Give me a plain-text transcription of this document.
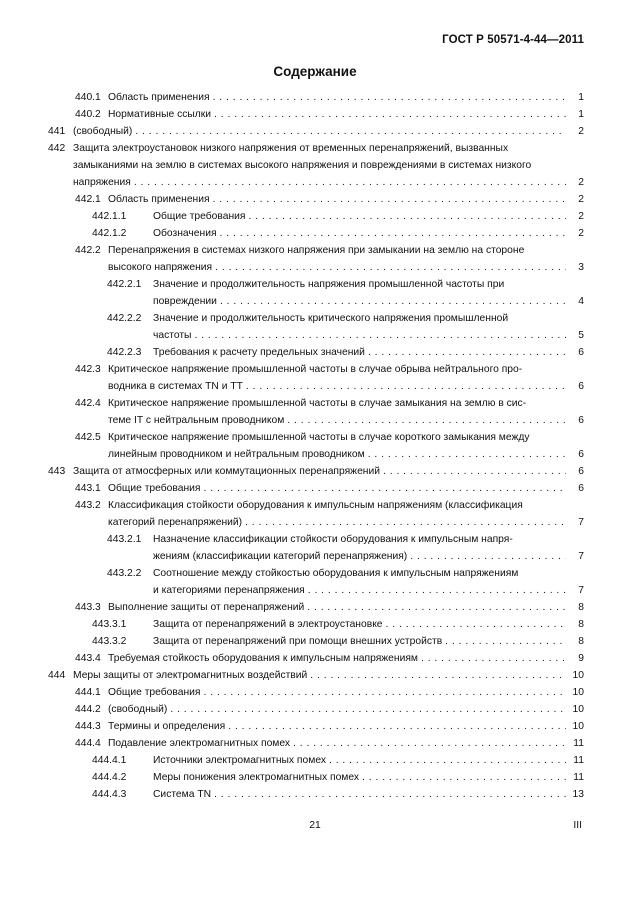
ГОСТ Р 50571-4-44—2011
Содержание
440.1 Область применения . . .	1
440.2 Нормативные ссылки . . .	1
441 (свободный) . . .	2
442 Защита электроустановок низкого напряжения от временных перенапряжений, вызванных
замыканиями на землю в системах высокого напряжения и повреждениями в системах низкого
напряжения . . .	2
442.1 Область применения . . .	2
442.1.1	Общие требования . . .	2
442.1.2	Обозначения . . .	2
442.2 Перенапряжения в системах низкого напряжения при замыкании на землю на стороне
высокого напряжения . . .	3
442.2.1 Значение и продолжительность напряжения промышленной частоты при
повреждении . . .	4
442.2.2 Значение и продолжительность критического напряжения промышленной
частоты . . .	5
442.2.3 Требования к расчету предельных значений . . .	6
442.3 Критическое напряжение промышленной частоты в случае обрыва нейтрального про-
водника в системах TN и TT . . .	6
442.4 Критическое напряжение промышленной частоты в случае замыкания на землю в сис-
теме IT с нейтральным проводником . . .	6
442.5 Критическое напряжение промышленной частоты в случае короткого замыкания между
линейным проводником и нейтральным проводником . . .	6
443 Защита от атмосферных или коммутационных перенапряжений . . .	6
443.1 Общие требования . . .	6
443.2 Классификация стойкости оборудования к импульсным напряжениям (классификация
категорий перенапряжений) . . .	7
443.2.1 Назначение классификации стойкости оборудования к импульсным напря-
жениям (классификации категорий перенапряжения) . . .	7
443.2.2 Соотношение между стойкостью оборудования к импульсным напряжениям
и категориями перенапряжения . . .	7
443.3 Выполнение защиты от перенапряжений . . .	8
443.3.1	Защита от перенапряжений в электроустановке . . .	8
443.3.2	Защита от перенапряжений при помощи внешних устройств . . .	8
443.4 Требуемая стойкость оборудования к импульсным напряжениям . . .	9
444 Меры защиты от электромагнитных воздействий . . .	10
444.1 Общие требования . . .	10
444.2 (свободный) . . .	10
444.3 Термины и определения . . .	10
444.4 Подавление электромагнитных помех . . .	11
444.4.1	Источники электромагнитных помех . . .	11
444.4.2	Меры понижения электромагнитных помех . . .	11
444.4.3	Система TN . . .	13
21	III
